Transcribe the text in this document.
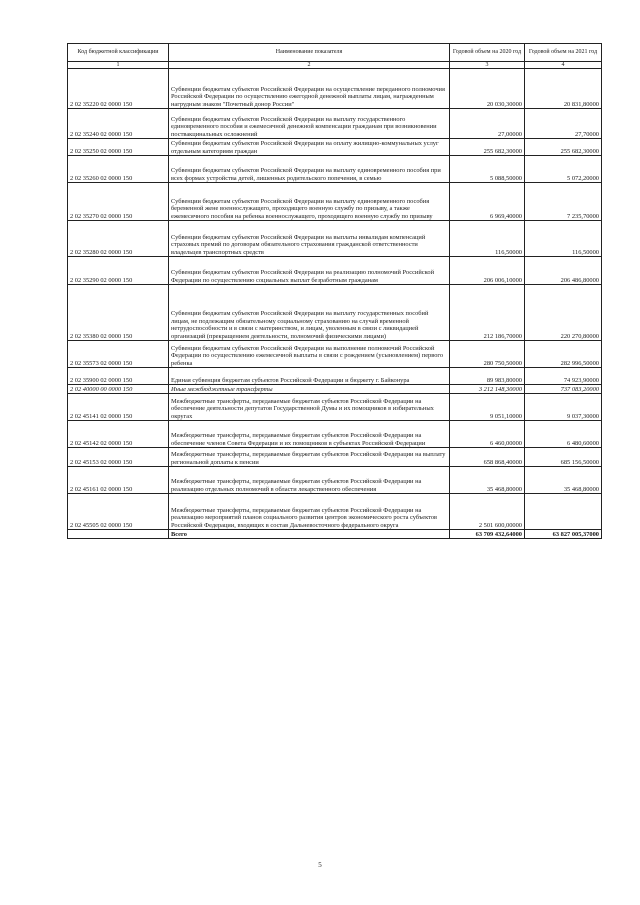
Код бюджетной классификации	Наименование показателя	Годовой объем на 2020 год	Годовой объем на 2021 год
1	2	3	4
2 02 35220 02 0000 150	Субвенции бюджетам субъектов Российской Федерации на осуществление переданного полномочия Российской Федерации по осуществлению ежегодной денежной выплаты лицам, награжденным нагрудным знаком "Почетный донор России"	20 030,30000	20 831,80000
2 02 35240 02 0000 150	Субвенции бюджетам субъектов Российской Федерации на выплату государственного единовременного пособия и ежемесячной денежной компенсации гражданам при возникновении поствакцинальных осложнений	27,00000	27,70000
2 02 35250 02 0000 150	Субвенции бюджетам субъектов Российской Федерации на оплату жилищно-коммунальных услуг отдельным категориям граждан	255 682,30000	255 682,30000
2 02 35260 02 0000 150	Субвенции бюджетам субъектов Российской Федерации на выплату единовременного пособия при всех формах устройства детей, лишенных родительского попечения, в семью	5 088,50000	5 072,20000
2 02 35270 02 0000 150	Субвенции бюджетам субъектов Российской Федерации на выплату единовременного пособия беременной жене военнослужащего, проходящего военную службу по призыву, а также ежемесячного пособия на ребенка военнослужащего, проходящего военную службу по призыву	6 969,40000	7 235,70000
2 02 35280 02 0000 150	Субвенции бюджетам субъектов Российской Федерации на выплаты инвалидам компенсаций страховых премий по договорам обязательного страхования гражданской ответственности владельцев транспортных средств	116,50000	116,50000
2 02 35290 02 0000 150	Субвенции бюджетам субъектов Российской Федерации на реализацию полномочий Российской Федерации по осуществлению социальных выплат безработным гражданам	206 006,10000	206 486,80000
2 02 35380 02 0000 150	Субвенции бюджетам субъектов Российской Федерации на выплату государственных пособий лицам, не подлежащим обязательному социальному страхованию на случай временной нетрудоспособности и в связи с материнством, и лицам, уволенным в связи с ликвидацией организаций (прекращением деятельности, полномочий физическими лицами)	212 186,70000	220 270,80000
2 02 35573 02 0000 150	Субвенции бюджетам субъектов Российской Федерации на выполнение полномочий Российской Федерации по осуществлению ежемесячной выплаты в связи с рождением (усыновлением) первого ребенка	280 750,50000	282 996,50000
2 02 35900 02 0000 150	Единая субвенция бюджетам субъектов Российской Федерации и бюджету г. Байконура	89 983,80000	74 923,90000
2 02 40000 00 0000 150	Иные межбюджетные трансферты	3 212 148,30000	737 083,20000
2 02 45141 02 0000 150	Межбюджетные трансферты, передаваемые бюджетам субъектов Российской Федерации на обеспечение деятельности депутатов Государственной Думы и их помощников в избирательных округах	9 051,10000	9 037,30000
2 02 45142 02 0000 150	Межбюджетные трансферты, передаваемые бюджетам субъектов Российской Федерации на обеспечение членов Совета Федерации и их помощников в субъектах Российской Федерации	6 460,00000	6 480,60000
2 02 45153 02 0000 150	Межбюджетные трансферты, передаваемые бюджетам субъектов Российской Федерации на выплату региональной доплаты к пенсии	658 868,40000	685 156,50000
2 02 45161 02 0000 150	Межбюджетные трансферты, передаваемые бюджетам субъектов Российской Федерации на реализацию отдельных полномочий в области лекарственного обеспечения	35 468,80000	35 468,80000
2 02 45505 02 0000 150	Межбюджетные трансферты, передаваемые бюджетам субъектов Российской Федерации на реализацию мероприятий планов социального развития центров экономического роста субъектов Российской Федерации, входящих в состав Дальневосточного федерального округа	2 501 600,00000	
	Всего	63 709 432,64000	63 827 005,37000
5
